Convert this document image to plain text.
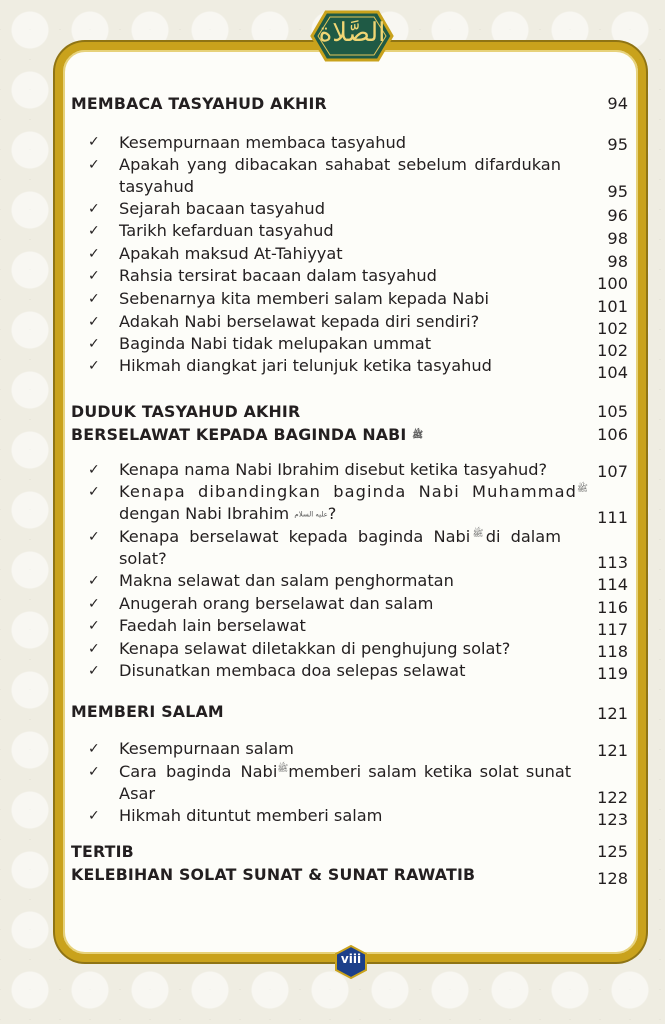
الصَّلاة
MEMBACA TASYAHUD AKHIR	94
✓ Kesempurnaan membaca tasyahud	95
✓ Apakah yang dibacakan sahabat sebelum difardukan
tasyahud	95
✓ Sejarah bacaan tasyahud	96
✓ Tarikh kefarduan tasyahud	98
✓ Apakah maksud At-Tahiyyat	98
✓ Rahsia tersirat bacaan dalam tasyahud	100
✓ Sebenarnya kita memberi salam kepada Nabi	101
✓ Adakah Nabi berselawat kepada diri sendiri?	102
✓ Baginda Nabi tidak melupakan ummat	102
✓ Hikmah diangkat jari telunjuk ketika tasyahud	104
DUDUK TASYAHUD AKHIR	105
BERSELAWAT KEPADA BAGINDA NABI ﷺ	106
✓ Kenapa nama Nabi Ibrahim disebut ketika tasyahud?	107
✓ Kenapa dibandingkan baginda Nabi Muhammad ﷺ
dengan Nabi Ibrahim عليه السلام?	111
✓ Kenapa berselawat kepada baginda Nabi ﷺ di dalam
solat?	113
✓ Makna selawat dan salam penghormatan	114
✓ Anugerah orang berselawat dan salam	116
✓ Faedah lain berselawat	117
✓ Kenapa selawat diletakkan di penghujung solat?	118
✓ Disunatkan membaca doa selepas selawat	119
MEMBERI SALAM	121
✓ Kesempurnaan salam	121
✓ Cara baginda Nabi ﷺ memberi salam ketika solat sunat
Asar	122
✓ Hikmah dituntut memberi salam	123
TERTIB	125
KELEBIHAN SOLAT SUNAT & SUNAT RAWATIB	128
viii
